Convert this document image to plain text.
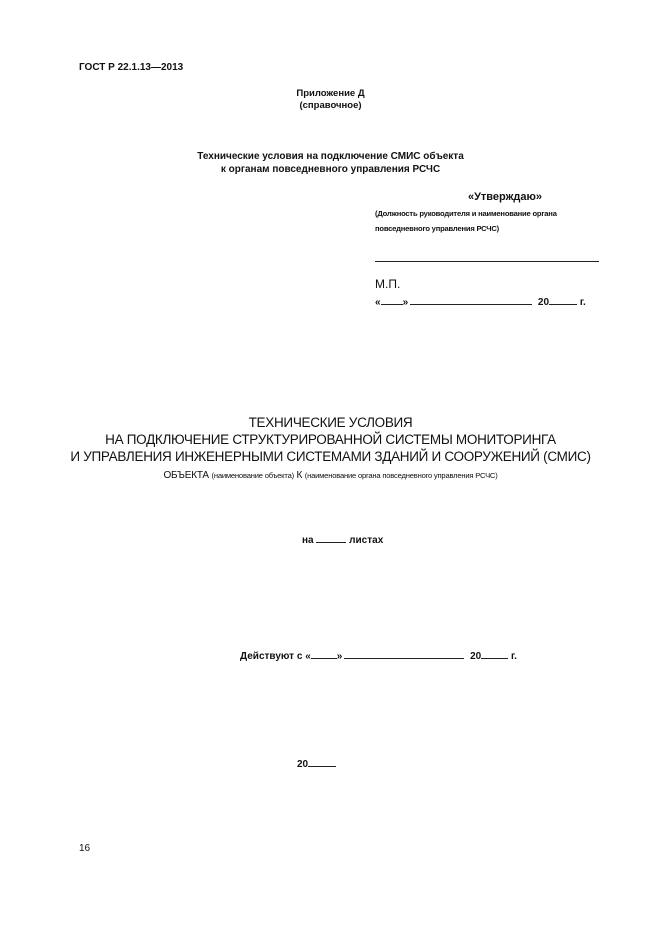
ГОСТ Р 22.1.13—2013
Приложение Д
(справочное)
Технические условия на подключение СМИС объекта
к органам повседневного управления РСЧС
«Утверждаю»
(Должность руководителя и наименование органа
повседневного управления РСЧС)
М.П.
« »	20	г.
ТЕХНИЧЕСКИЕ УСЛОВИЯ
НА ПОДКЛЮЧЕНИЕ СТРУКТУРИРОВАННОЙ СИСТЕМЫ МОНИТОРИНГА
И УПРАВЛЕНИЯ ИНЖЕНЕРНЫМИ СИСТЕМАМИ ЗДАНИЙ И СООРУЖЕНИЙ (СМИС)
ОБЪЕКТА (наименование объекта) К (наименование органа повседневного управления РСЧС)
на	листах
Действуют с «	»	20	г.
20
16
